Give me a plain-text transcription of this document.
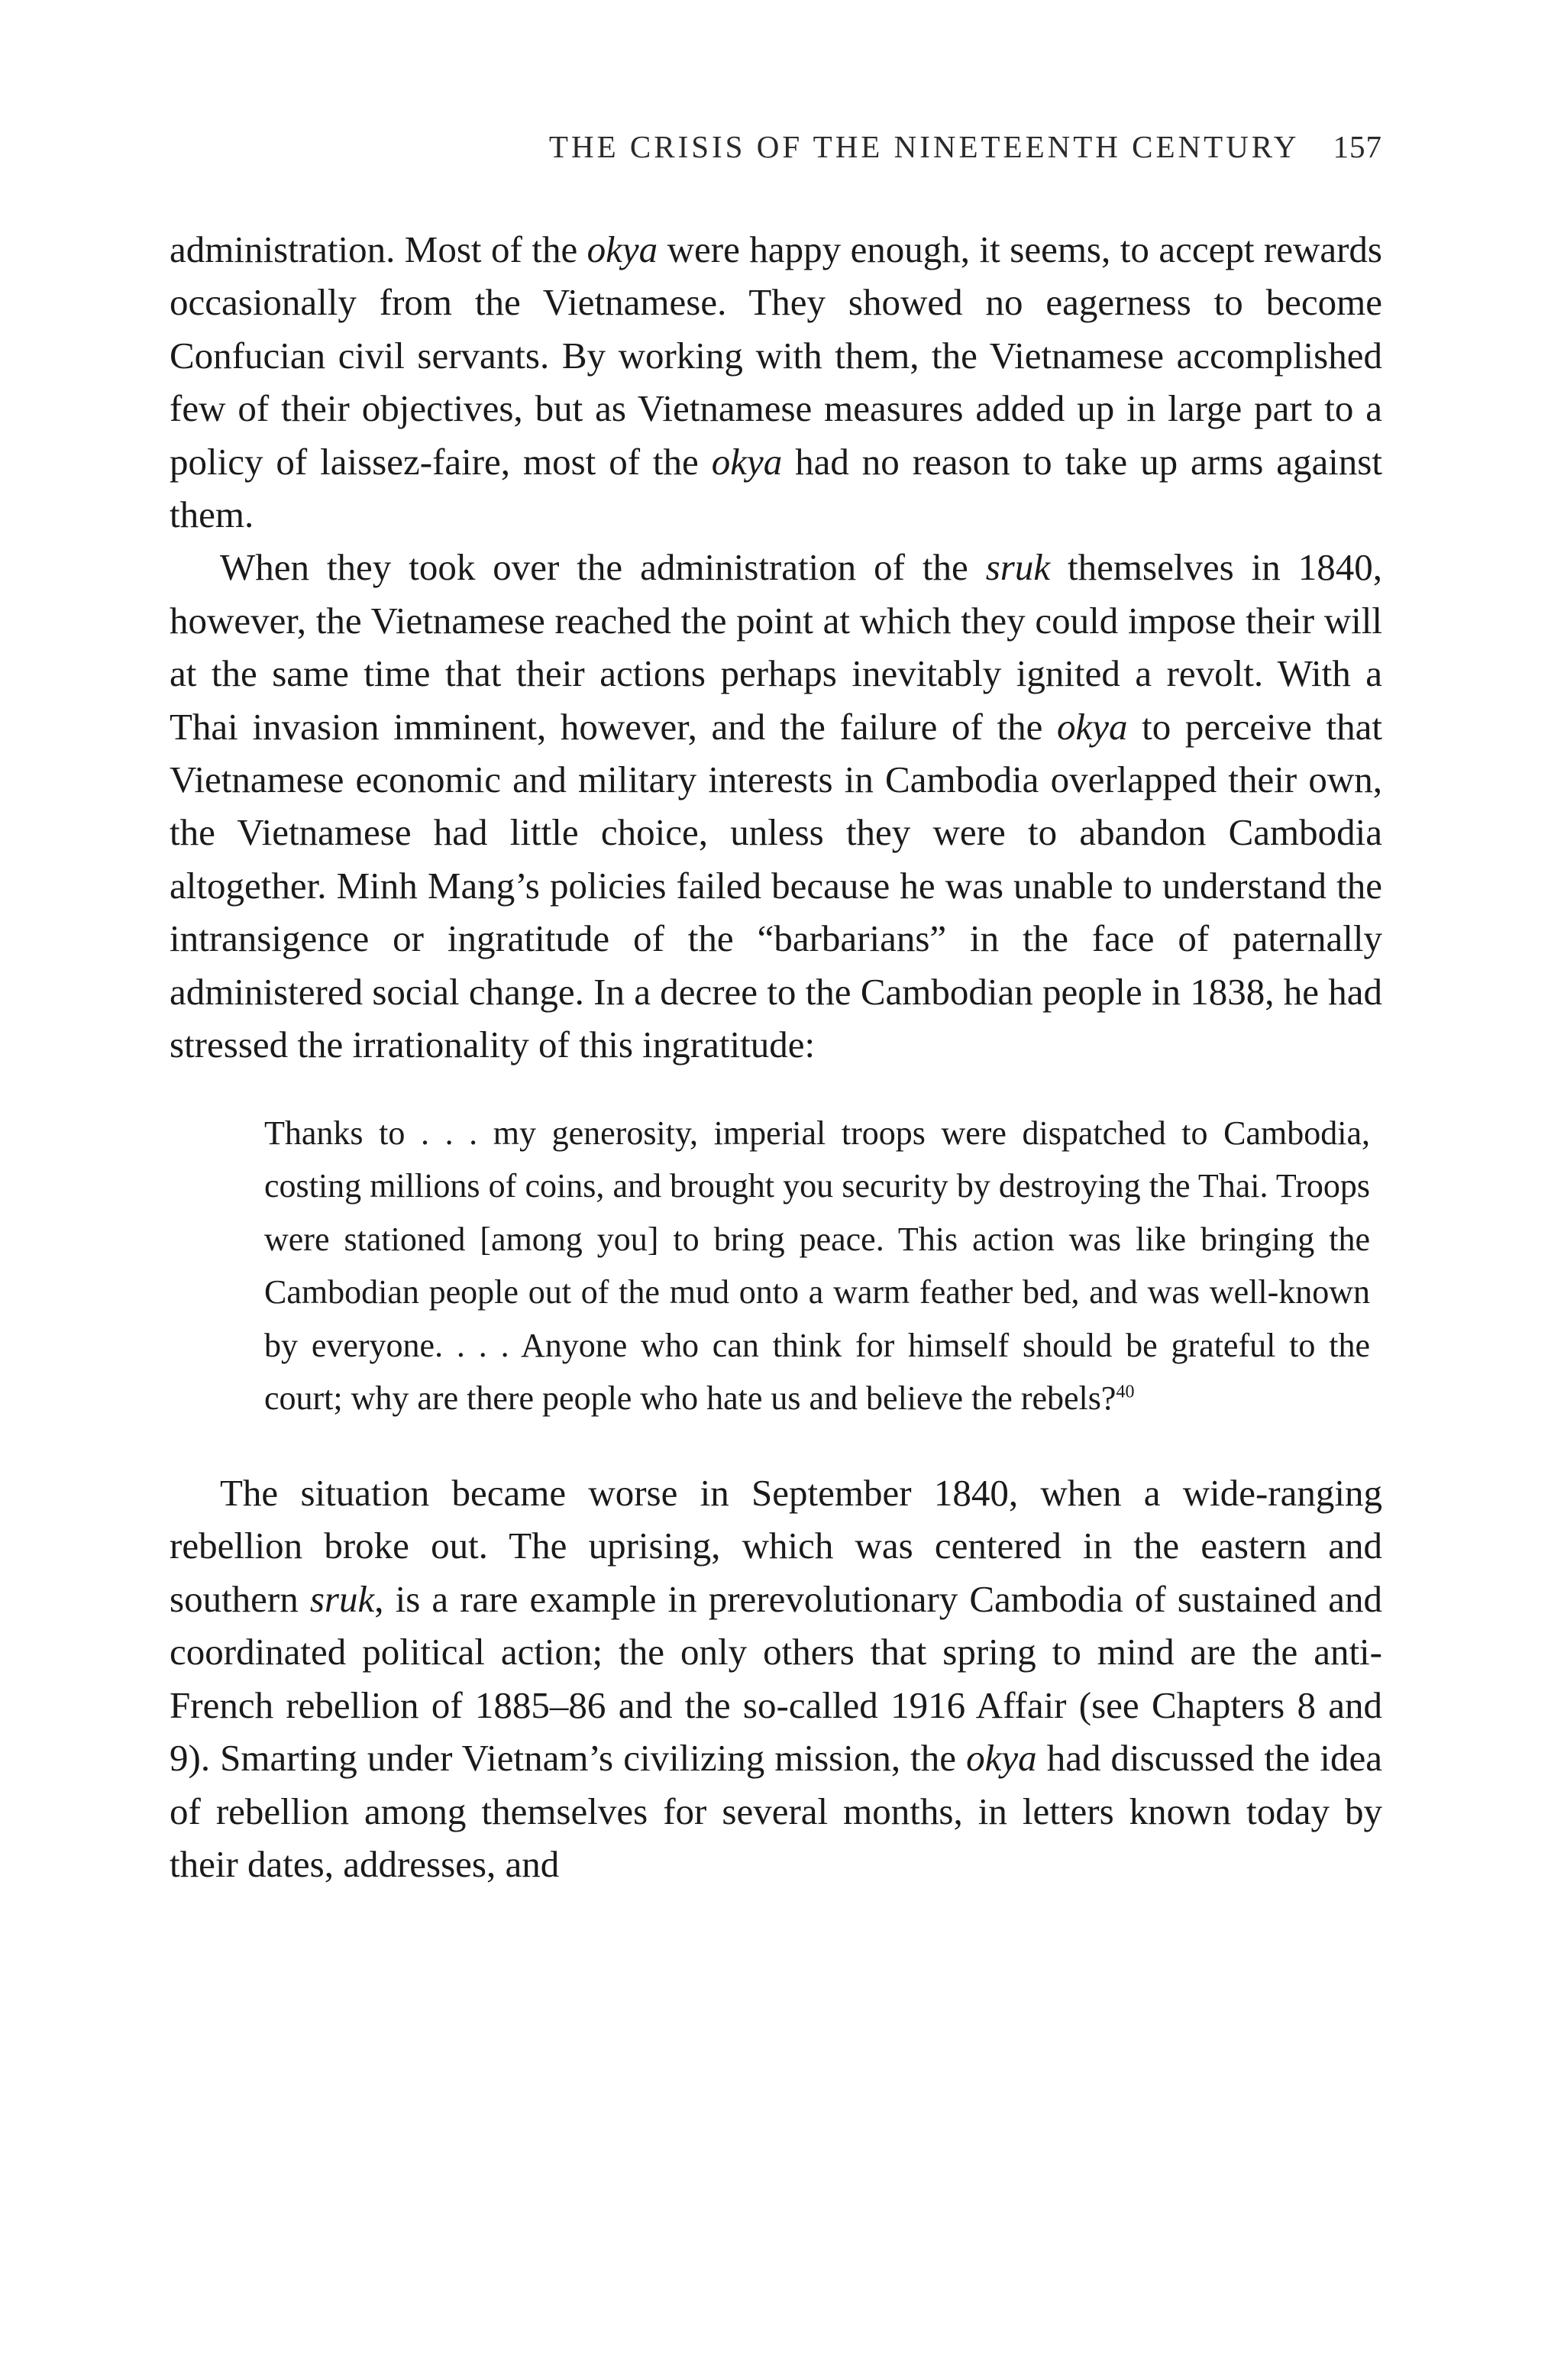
THE CRISIS OF THE NINETEENTH CENTURY 157

administration. Most of the okya were happy enough, it seems, to accept rewards occasionally from the Vietnamese. They showed no eagerness to become Confucian civil servants. By working with them, the Vietnamese accomplished few of their objectives, but as Vietnamese measures added up in large part to a policy of laissez-faire, most of the okya had no reason to take up arms against them.

When they took over the administration of the sruk themselves in 1840, however, the Vietnamese reached the point at which they could impose their will at the same time that their actions perhaps inevitably ignited a revolt. With a Thai invasion imminent, however, and the failure of the okya to perceive that Vietnamese economic and military interests in Cambodia overlapped their own, the Vietnamese had little choice, unless they were to abandon Cambodia altogether. Minh Mang’s policies failed because he was unable to understand the intransigence or ingratitude of the “barbarians” in the face of paternally administered social change. In a decree to the Cambodian people in 1838, he had stressed the irrationality of this ingratitude:

Thanks to . . . my generosity, imperial troops were dispatched to Cambodia, costing millions of coins, and brought you security by destroying the Thai. Troops were stationed [among you] to bring peace. This action was like bringing the Cambodian people out of the mud onto a warm feather bed, and was well-known by everyone. . . . Anyone who can think for himself should be grateful to the court; why are there people who hate us and believe the rebels?$^{40}$

The situation became worse in September 1840, when a wide-ranging rebellion broke out. The uprising, which was centered in the eastern and southern sruk, is a rare example in prerevolutionary Cambodia of sustained and coordinated political action; the only others that spring to mind are the anti-French rebellion of 1885–86 and the so-called 1916 Affair (see Chapters 8 and 9). Smarting under Vietnam’s civilizing mission, the okya had discussed the idea of rebellion among themselves for several months, in letters known today by their dates, addresses, and
